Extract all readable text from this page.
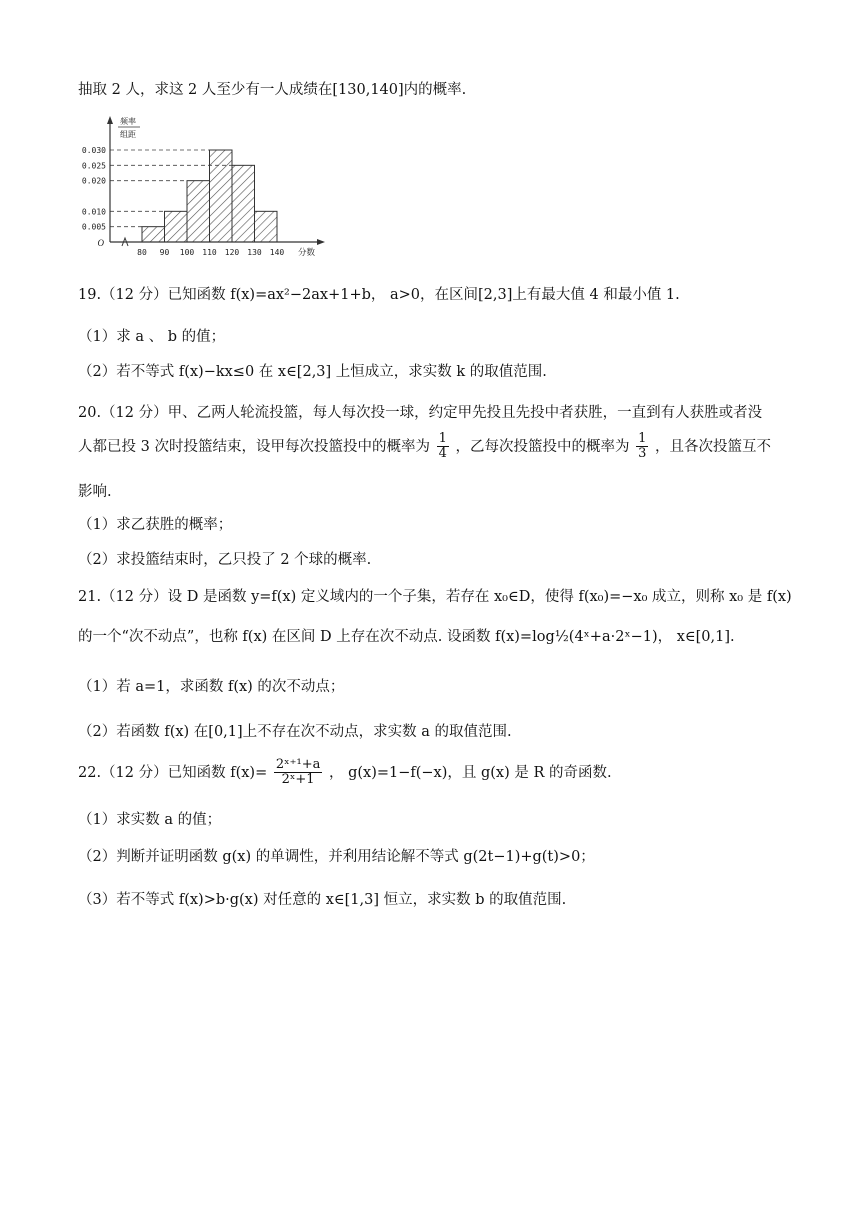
抽取 2 人，求这 2 人至少有一人成绩在[130,140]内的概率.
0.030
0.025
0.020
0.010
0.005
O
80 90 100 110 120 130 140 分数
频率
组距
19.（12 分）已知函数 f(x)=ax²−2ax+1+b， a>0，在区间[2,3]上有最大值 4 和最小值 1.
（1）求 a 、 b 的值；
（2）若不等式 f(x)−kx≤0 在 x∈[2,3] 上恒成立，求实数 k 的取值范围.
20.（12 分）甲、乙两人轮流投篮，每人每次投一球，约定甲先投且先投中者获胜，一直到有人获胜或者没
人都已投 3 次时投篮结束，设甲每次投篮投中的概率为 $\frac{1}{4}$ ，乙每次投篮投中的概率为 $\frac{1}{3}$ ，且各次投篮互不
影响.
（1）求乙获胜的概率；
（2）求投篮结束时，乙只投了 2 个球的概率.
21.（12 分）设 D 是函数 y=f(x) 定义域内的一个子集，若存在 x₀∈D，使得 f(x₀)=−x₀ 成立，则称 x₀ 是 f(x)
的一个“次不动点”，也称 f(x) 在区间 D 上存在次不动点. 设函数 f(x)=log½(4ˣ+a·2ˣ−1)， x∈[0,1].
（1）若 a=1，求函数 f(x) 的次不动点；
（2）若函数 f(x) 在[0,1]上不存在次不动点，求实数 a 的取值范围.
22.（12 分）已知函数 $f(x)= \frac{\text{2ˣ⁺¹+a}}{\text{2ˣ+1}}$ ， g(x)=1−f(−x)，且 g(x) 是 R 的奇函数.
（1）求实数 a 的值；
（2）判断并证明函数 g(x) 的单调性，并利用结论解不等式 g(2t−1)+g(t)>0；
（3）若不等式 f(x)>b·g(x) 对任意的 x∈[1,3] 恒立，求实数 b 的取值范围.
